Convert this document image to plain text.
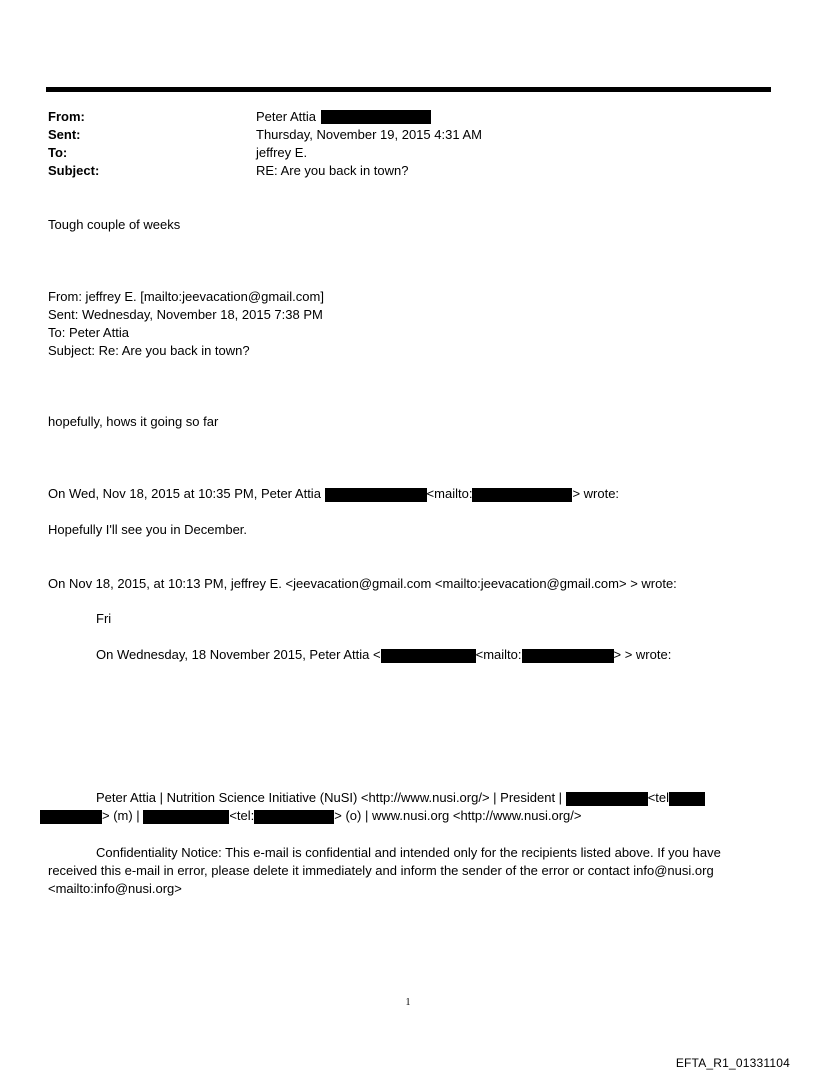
From:	Peter Attia
Sent:	Thursday, November 19, 2015 4:31 AM
To:	jeffrey E.
Subject:	RE: Are you back in town?
Tough couple of weeks
From: jeffrey E. [mailto:jeevacation@gmail.com]
Sent: Wednesday, November 18, 2015 7:38 PM
To: Peter Attia
Subject: Re: Are you back in town?
hopefully, hows it going so far
On Wed, Nov 18, 2015 at 10:35 PM, Peter Attia	<mailto:	> wrote:
Hopefully I'll see you in December.
On Nov 18, 2015, at 10:13 PM, jeffrey E. <jeevacation@gmail.com <mailto:jeevacation@gmail.com> > wrote:
Fri
On Wednesday, 18 November 2015, Peter Attia <	<mailto:	> > wrote:
Peter Attia | Nutrition Science Initiative (NuSI) <http://www.nusi.org/> | President |	<tel
> (m) |	<tel:	> (o) | www.nusi.org <http://www.nusi.org/>
Confidentiality Notice: This e-mail is confidential and intended only for the recipients listed above. If you have
received this e-mail in error, please delete it immediately and inform the sender of the error or contact info@nusi.org
<mailto:info@nusi.org>
1
EFTA_R1_01331104
